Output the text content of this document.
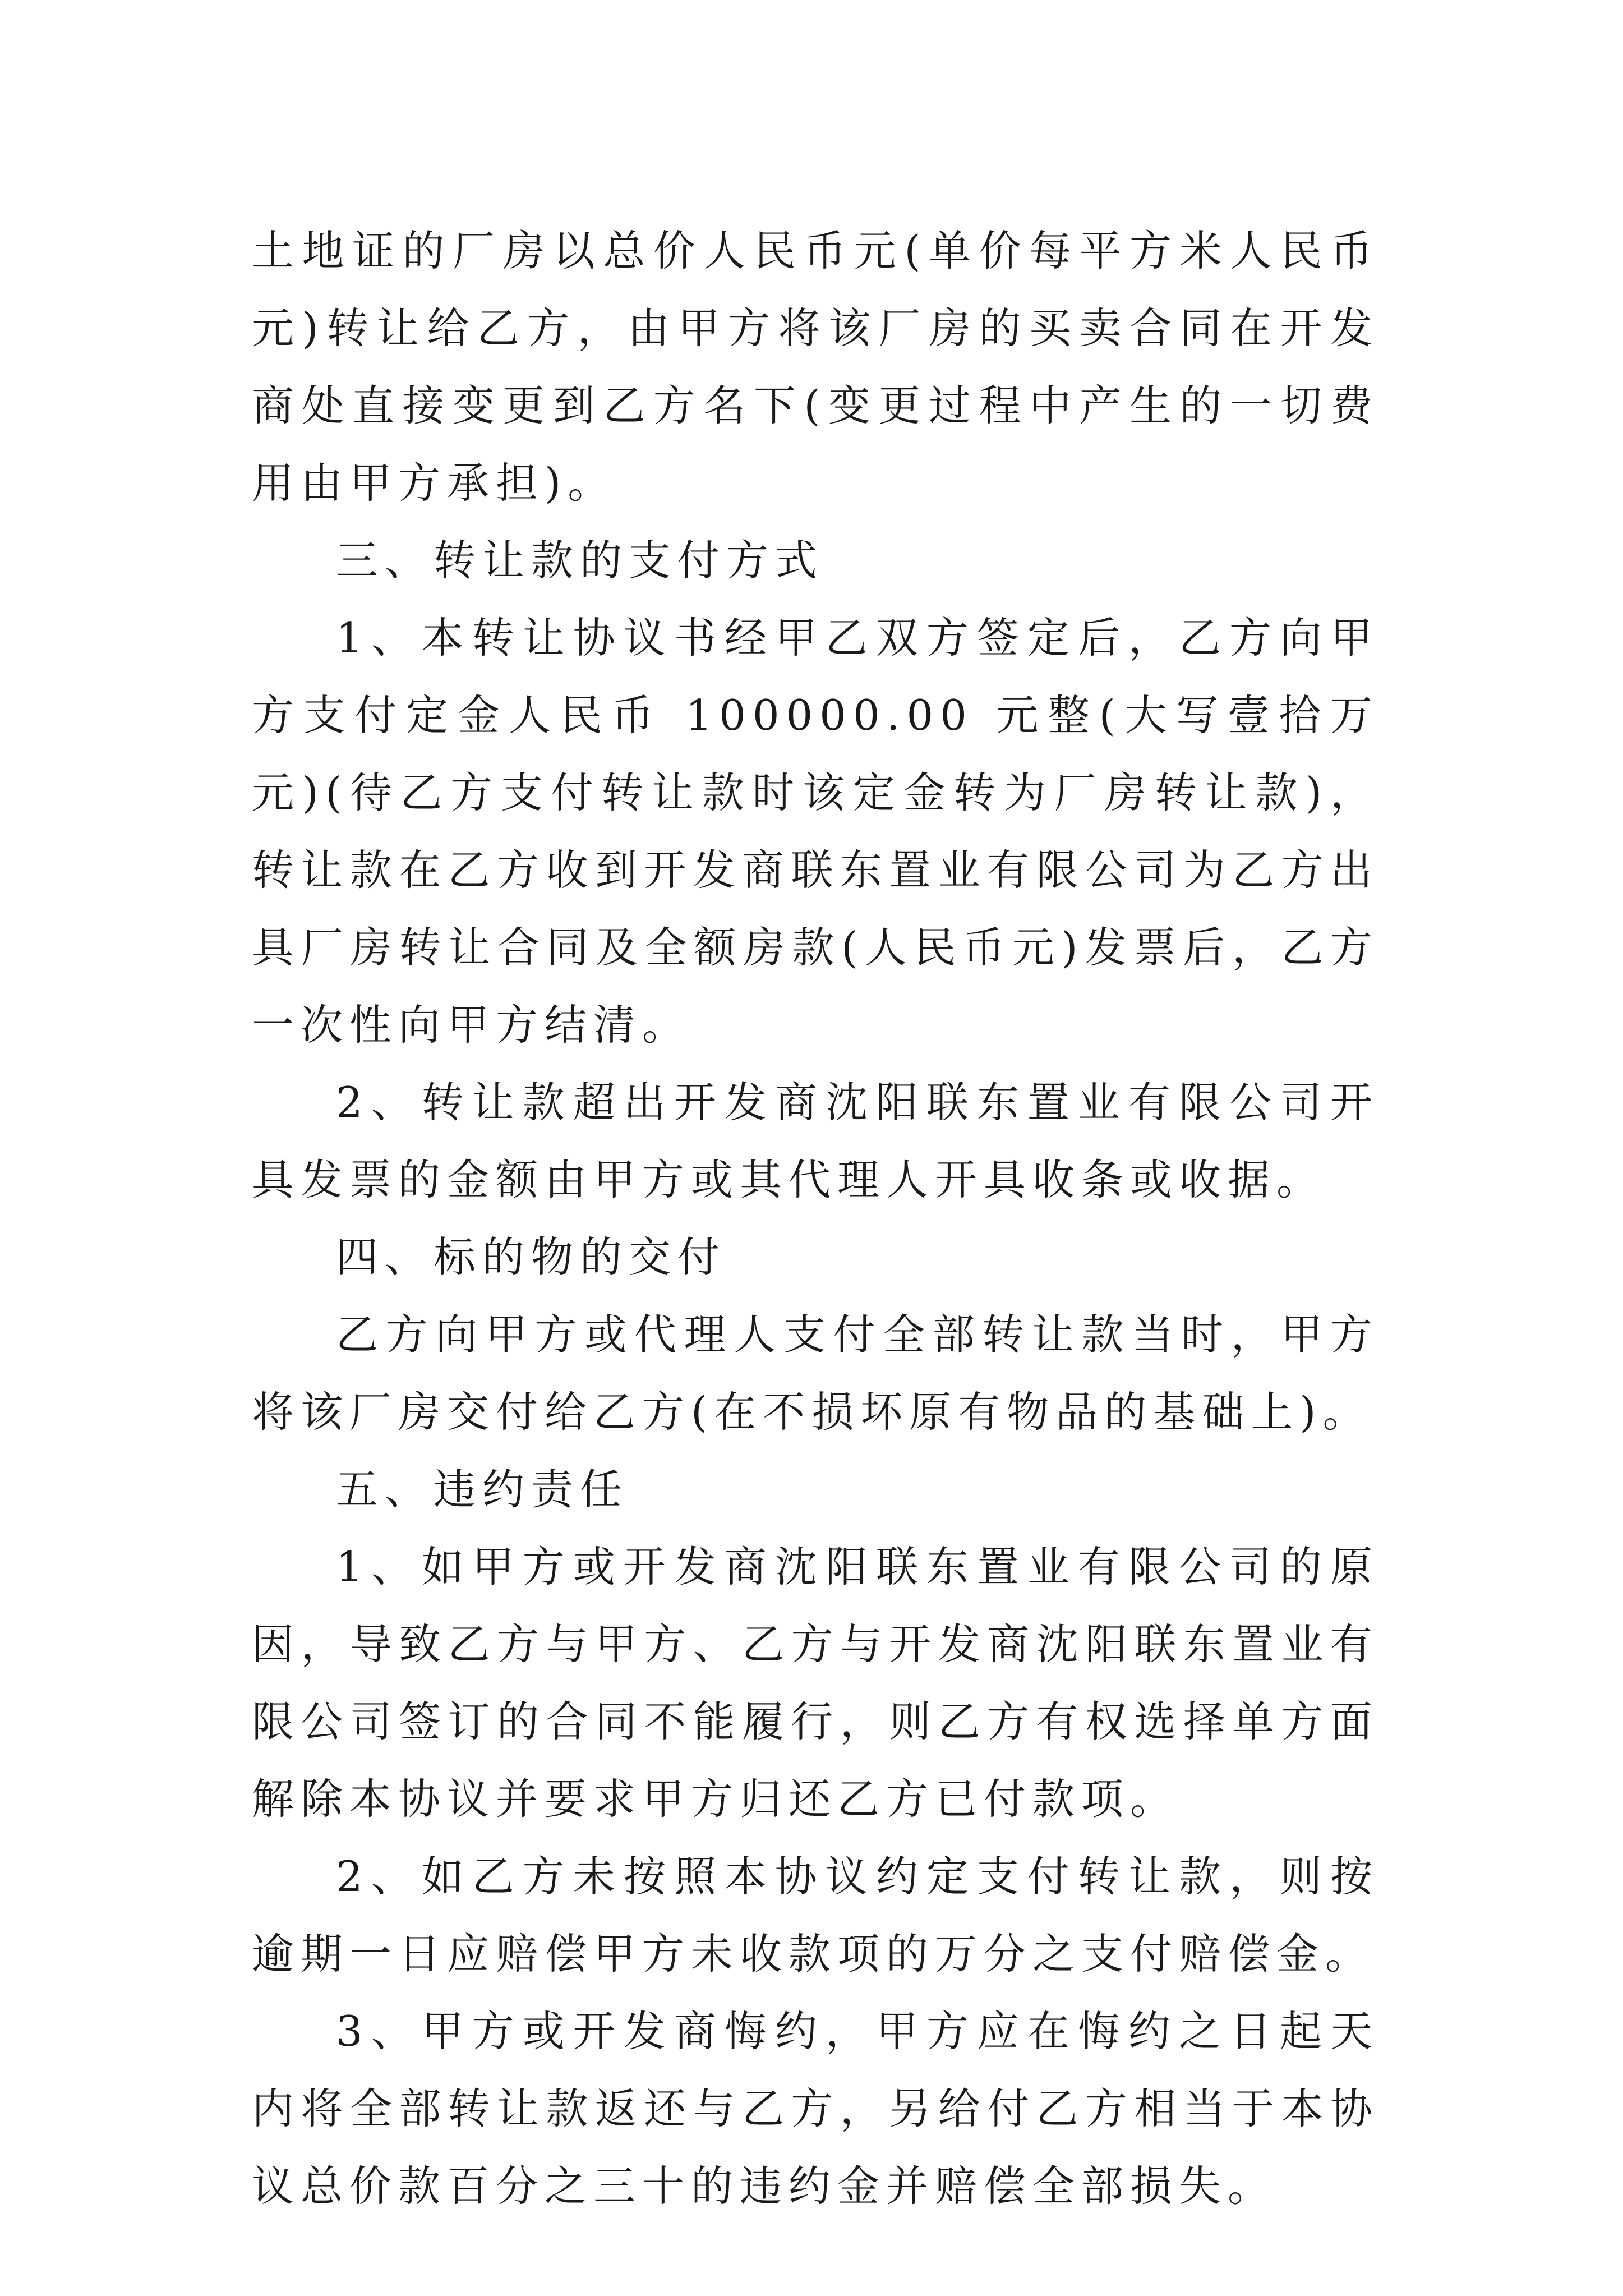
土地证的厂房以总价人民币元(单价每平方米人民币元)转让给乙方，由甲方将该厂房的买卖合同在开发商处直接变更到乙方名下(变更过程中产生的一切费用由甲方承担)。

三、转让款的支付方式

1、本转让协议书经甲乙双方签定后，乙方向甲方支付定金人民币 100000.00 元整(大写壹拾万元)(待乙方支付转让款时该定金转为厂房转让款)，转让款在乙方收到开发商联东置业有限公司为乙方出具厂房转让合同及全额房款(人民币元)发票后，乙方一次性向甲方结清。

2、转让款超出开发商沈阳联东置业有限公司开具发票的金额由甲方或其代理人开具收条或收据。

四、标的物的交付

乙方向甲方或代理人支付全部转让款当时，甲方将该厂房交付给乙方(在不损坏原有物品的基础上)。

五、违约责任

1、如甲方或开发商沈阳联东置业有限公司的原因，导致乙方与甲方、乙方与开发商沈阳联东置业有限公司签订的合同不能履行，则乙方有权选择单方面解除本协议并要求甲方归还乙方已付款项。

2、如乙方未按照本协议约定支付转让款，则按逾期一日应赔偿甲方未收款项的万分之支付赔偿金。

3、甲方或开发商悔约，甲方应在悔约之日起天内将全部转让款返还与乙方，另给付乙方相当于本协议总价款百分之三十的违约金并赔偿全部损失。
